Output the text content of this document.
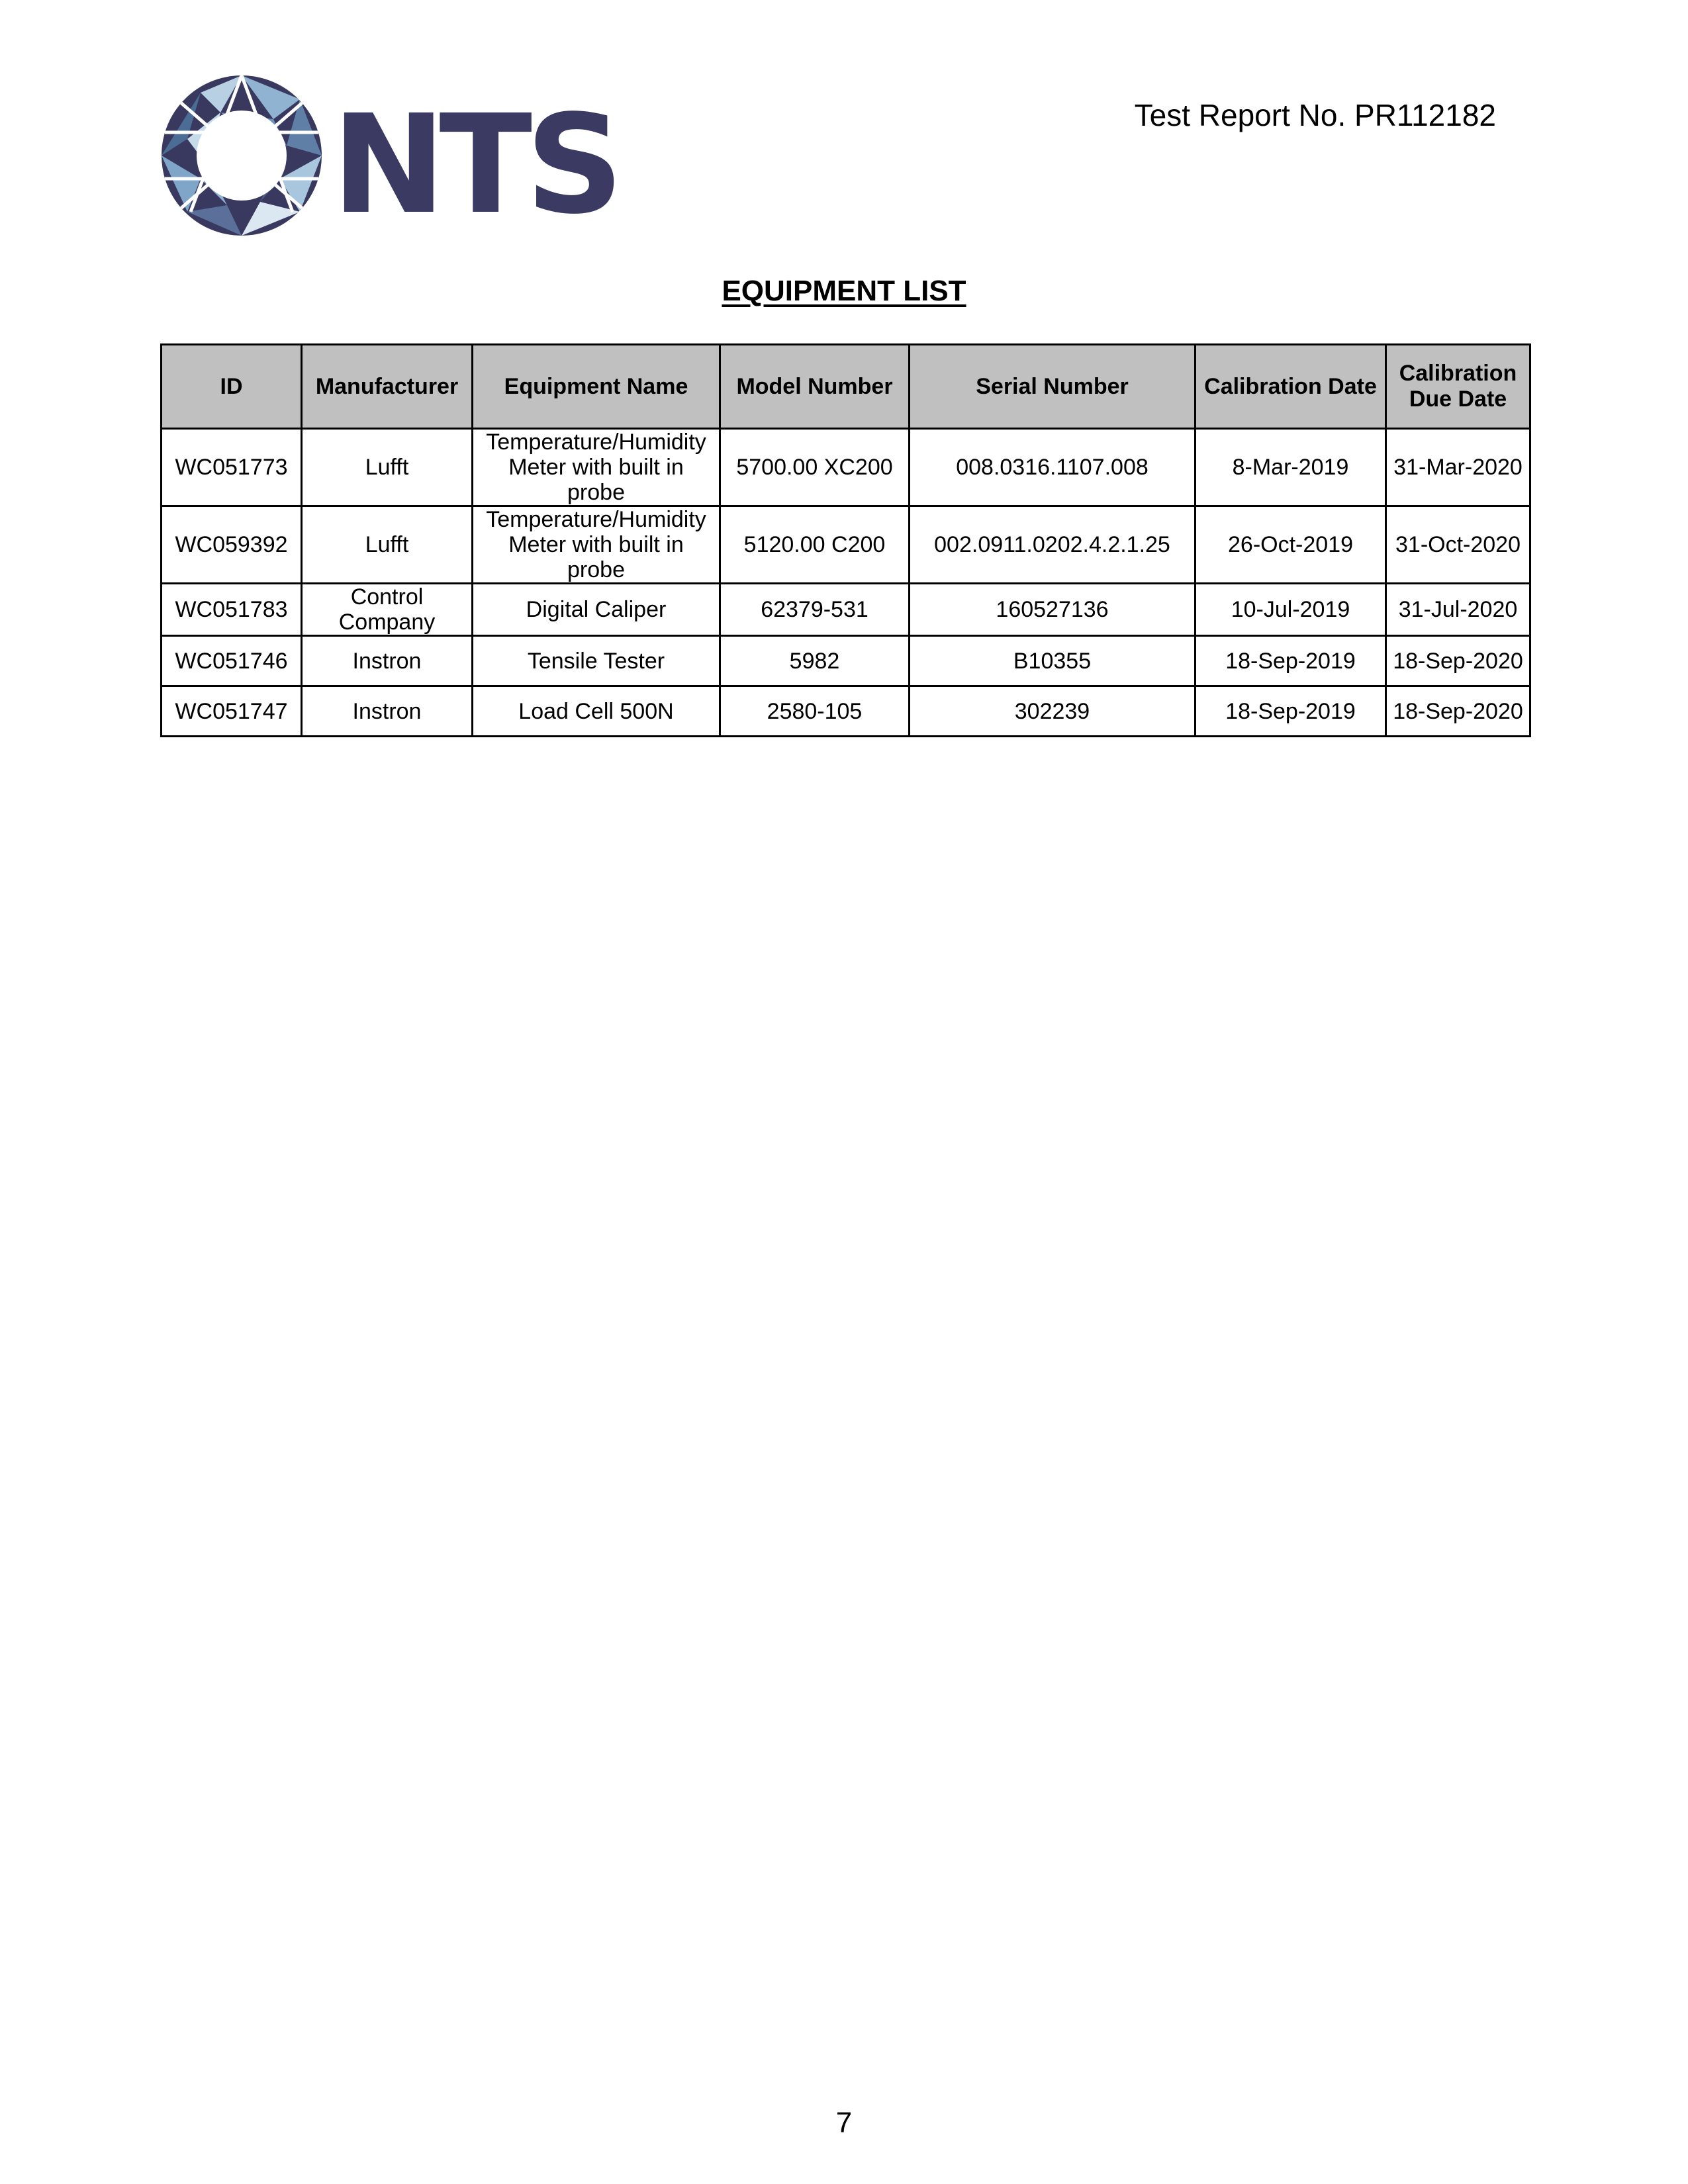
NTS	Test Report No. PR112182
EQUIPMENT LIST
ID	Manufacturer	Equipment Name	Model Number	Serial Number	Calibration Date	Calibration Due Date
WC051773	Lufft	Temperature/Humidity Meter with built in probe	5700.00 XC200	008.0316.1107.008	8-Mar-2019	31-Mar-2020
WC059392	Lufft	Temperature/Humidity Meter with built in probe	5120.00 C200	002.0911.0202.4.2.1.25	26-Oct-2019	31-Oct-2020
WC051783	Control Company	Digital Caliper	62379-531	160527136	10-Jul-2019	31-Jul-2020
WC051746	Instron	Tensile Tester	5982	B10355	18-Sep-2019	18-Sep-2020
WC051747	Instron	Load Cell 500N	2580-105	302239	18-Sep-2019	18-Sep-2020
7
